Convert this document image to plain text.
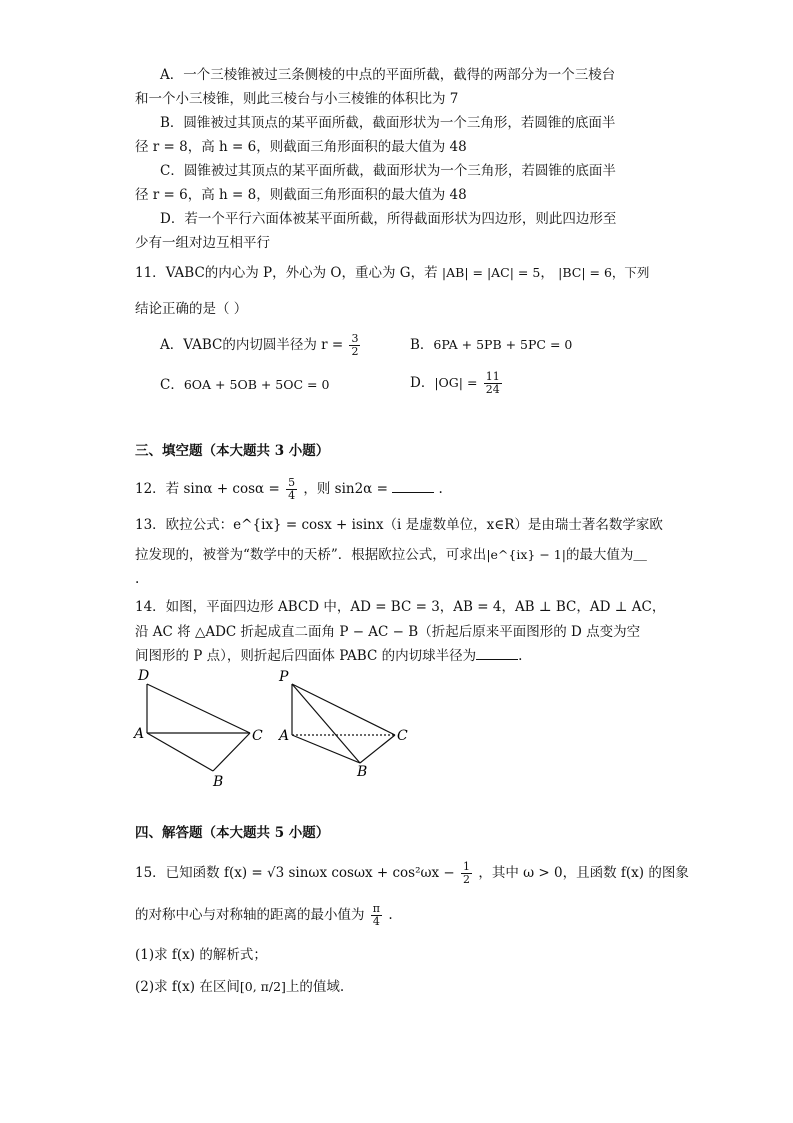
A．一个三棱锥被过三条侧棱的中点的平面所截，截得的两部分为一个三棱台
和一个小三棱锥，则此三棱台与小三棱锥的体积比为 7
B．圆锥被过其顶点的某平面所截，截面形状为一个三角形，若圆锥的底面半
径 r = 8，高 h = 6，则截面三角形面积的最大值为 48
C．圆锥被过其顶点的某平面所截，截面形状为一个三角形，若圆锥的底面半
径 r = 6，高 h = 8，则截面三角形面积的最大值为 48
D．若一个平行六面体被某平面所截，所得截面形状为四边形，则此四边形至
少有一组对边互相平行
11．VABC的内心为 P，外心为 O，重心为 G，若 |AB| = |AC| = 5， |BC| = 6，下列
结论正确的是（ ）
A．VABC的内切圆半径为 $r = \frac{3}{2}$	B．6PA + 5PB + 5PC = 0
C．6OA + 5OB + 5OC = 0	D．$|OG| = \frac{11}{24}$
三、填空题（本大题共 3 小题）
12．若 $\sin\alpha + \cos\alpha = \frac{5}{4}$ ，则 sin2α =	.
13．欧拉公式：e^{ix} = cosx + isinx（i 是虚数单位，x∈R）是由瑞士著名数学家欧
拉发现的，被誉为“数学中的天桥”．根据欧拉公式，可求出|e^{ix} − 1|的最大值为＿
.
14．如图，平面四边形 ABCD 中，AD = BC = 3，AB = 4，AB ⊥ BC，AD ⊥ AC，
沿 AC 将 △ADC 折起成直二面角 P − AC − B（折起后原来平面图形的 D 点变为空
间图形的 P 点），则折起后四面体 PABC 的内切球半径为	.
D
A	C
B
P
A	C
B
四、解答题（本大题共 5 小题）
15．已知函数 f(x) = √3 sinωx $\cos\omega x + \cos^2\omega x - \frac{1}{2}$ ，其中 ω > 0，且函数 f(x) 的图象
的对称中心与对称轴的距离的最小值为 $\frac{\pi}{4}$ .
(1)求 f(x) 的解析式；
(2)求 f(x) 在区间[0, π/2]上的值域.
